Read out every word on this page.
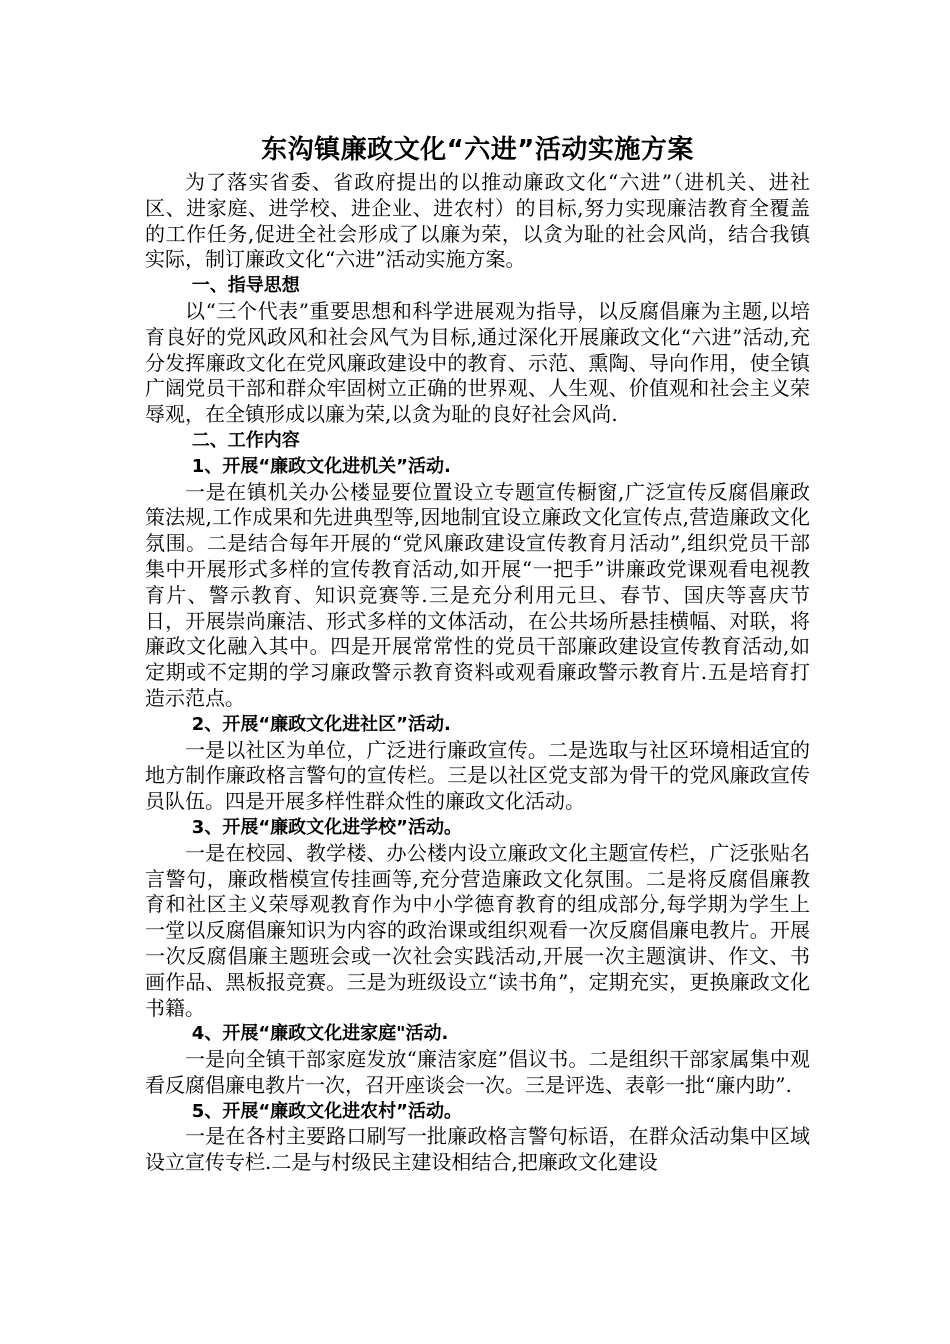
东沟镇廉政文化“六进”活动实施方案

为了落实省委、省政府提出的以推动廉政文化“六进”（进机关、进社区、进家庭、进学校、进企业、进农村）的目标,努力实现廉洁教育全覆盖的工作任务,促进全社会形成了以廉为荣，以贪为耻的社会风尚，结合我镇实际，制订廉政文化“六进”活动实施方案。

一、指导思想

以“三个代表”重要思想和科学进展观为指导，以反腐倡廉为主题,以培育良好的党风政风和社会风气为目标,通过深化开展廉政文化“六进”活动,充分发挥廉政文化在党风廉政建设中的教育、示范、熏陶、导向作用，使全镇广阔党员干部和群众牢固树立正确的世界观、人生观、价值观和社会主义荣辱观，在全镇形成以廉为荣,以贪为耻的良好社会风尚.

二、工作内容

1、开展“廉政文化进机关”活动.

一是在镇机关办公楼显要位置设立专题宣传橱窗,广泛宣传反腐倡廉政策法规,工作成果和先进典型等,因地制宜设立廉政文化宣传点,营造廉政文化氛围。二是结合每年开展的“党风廉政建设宣传教育月活动”,组织党员干部集中开展形式多样的宣传教育活动,如开展“一把手”讲廉政党课观看电视教育片、警示教育、知识竞赛等.三是充分利用元旦、春节、国庆等喜庆节日，开展崇尚廉洁、形式多样的文体活动，在公共场所悬挂横幅、对联，将廉政文化融入其中。四是开展常常性的党员干部廉政建设宣传教育活动,如定期或不定期的学习廉政警示教育资料或观看廉政警示教育片.五是培育打造示范点。

2、开展“廉政文化进社区”活动.

一是以社区为单位，广泛进行廉政宣传。二是选取与社区环境相适宜的地方制作廉政格言警句的宣传栏。三是以社区党支部为骨干的党风廉政宣传员队伍。四是开展多样性群众性的廉政文化活动。

3、开展“廉政文化进学校”活动。

一是在校园、教学楼、办公楼内设立廉政文化主题宣传栏，广泛张贴名言警句，廉政楷模宣传挂画等,充分营造廉政文化氛围。二是将反腐倡廉教育和社区主义荣辱观教育作为中小学德育教育的组成部分,每学期为学生上一堂以反腐倡廉知识为内容的政治课或组织观看一次反腐倡廉电教片。开展一次反腐倡廉主题班会或一次社会实践活动,开展一次主题演讲、作文、书画作品、黑板报竞赛。三是为班级设立“读书角”，定期充实，更换廉政文化书籍。

4、开展“廉政文化进家庭"活动.

一是向全镇干部家庭发放“廉洁家庭”倡议书。二是组织干部家属集中观看反腐倡廉电教片一次，召开座谈会一次。三是评选、表彰一批“廉内助”.

5、开展“廉政文化进农村”活动。

一是在各村主要路口刷写一批廉政格言警句标语，在群众活动集中区域设立宣传专栏.二是与村级民主建设相结合,把廉政文化建设
